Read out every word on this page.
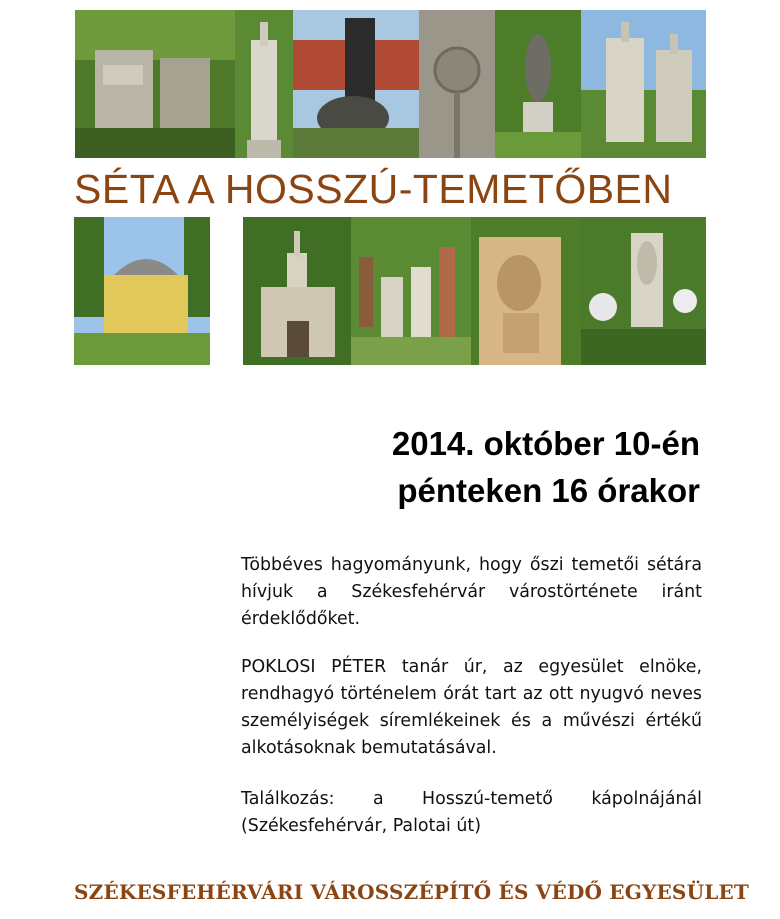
SÉTA A HOSSZÚ-TEMETŐBEN
2014. október 10-én
pénteken 16 órakor

Többéves hagyományunk, hogy őszi temetői sétára hívjuk a Székesfehérvár várostörténete iránt érdeklődőket.

POKLOSI PÉTER tanár úr, az egyesület elnöke, rendhagyó történelem órát tart az ott nyugvó neves személyiségek síremlékeinek és a művészi értékű alkotásoknak bemutatásával.

Találkozás: a Hosszú-temető kápolnájánál (Székesfehérvár, Palotai út)

SZÉKESFEHÉRVÁRI VÁROSSZÉPÍTŐ ÉS VÉDŐ EGYESÜLET
